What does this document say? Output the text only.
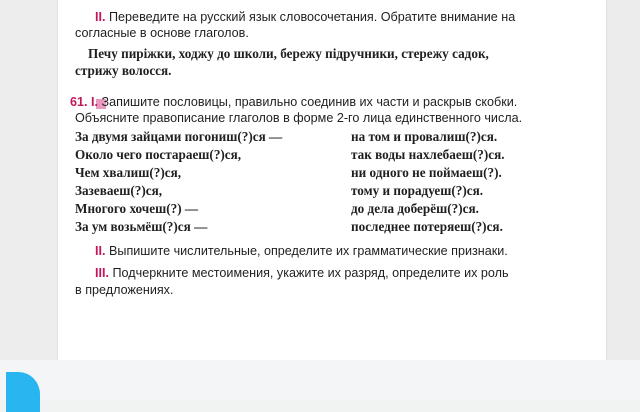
II. Переведите на русский язык словосочетания. Обратите внимание на
согласные в основе глаголов.
Печу пиріжки, ходжу до школи, бережу підручники, стережу садок,
стрижу волосся.
61. I. Запишите пословицы, правильно соединив их части и раскрыв скобки.
Объясните правописание глаголов в форме 2-го лица единственного числа.
За двумя зайцами погониш(?)ся —
Около чего постараеш(?)ся,
Чем хвалиш(?)ся,
Зазеваеш(?)ся,
Многого хочеш(?) —
За ум возьмёш(?)ся —
на том и провалиш(?)ся.
так воды нахлебаеш(?)ся.
ни одного не поймаеш(?).
тому и порадуеш(?)ся.
до дела доберёш(?)ся.
последнее потеряеш(?)ся.
II. Выпишите числительные, определите их грамматические признаки.
III. Подчеркните местоимения, укажите их разряд, определите их роль
в предложениях.
